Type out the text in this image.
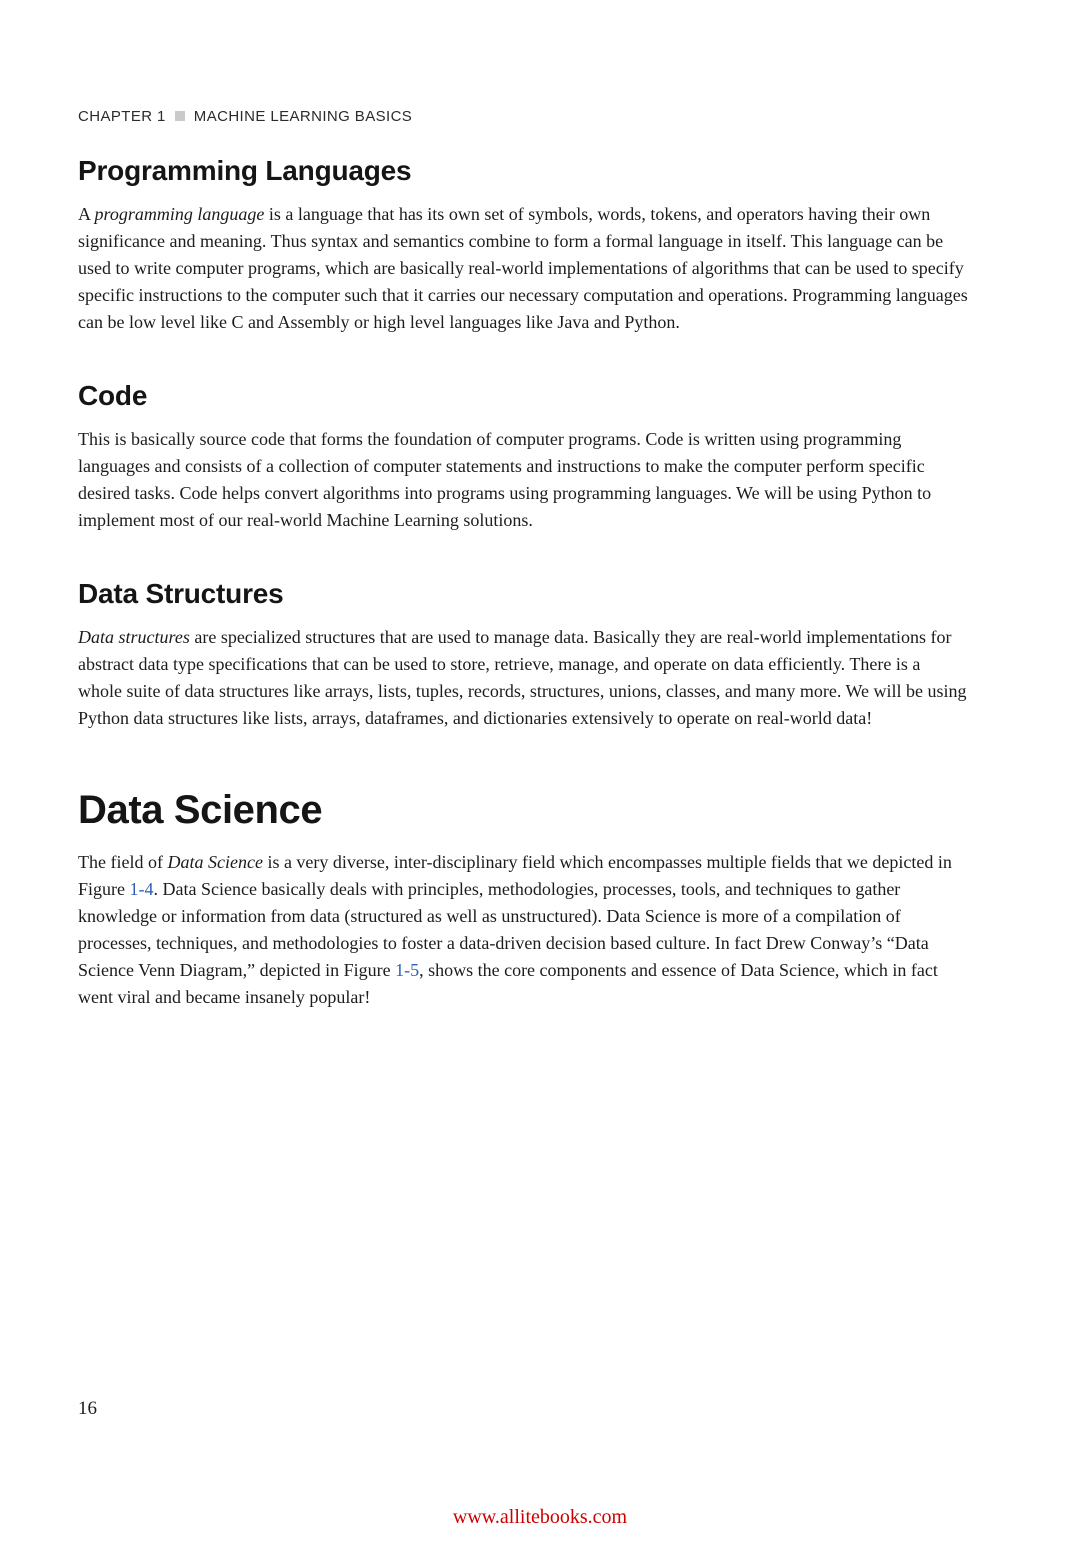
CHAPTER 1 MACHINE LEARNING BASICS
Programming Languages

A programming language is a language that has its own set of symbols, words, tokens, and operators having their own significance and meaning. Thus syntax and semantics combine to form a formal language in itself. This language can be used to write computer programs, which are basically real-world implementations of algorithms that can be used to specify specific instructions to the computer such that it carries our necessary computation and operations. Programming languages can be low level like C and Assembly or high level languages like Java and Python.

Code

This is basically source code that forms the foundation of computer programs. Code is written using programming languages and consists of a collection of computer statements and instructions to make the computer perform specific desired tasks. Code helps convert algorithms into programs using programming languages. We will be using Python to implement most of our real-world Machine Learning solutions.

Data Structures

Data structures are specialized structures that are used to manage data. Basically they are real-world implementations for abstract data type specifications that can be used to store, retrieve, manage, and operate on data efficiently. There is a whole suite of data structures like arrays, lists, tuples, records, structures, unions, classes, and many more. We will be using Python data structures like lists, arrays, dataframes, and dictionaries extensively to operate on real-world data!

Data Science

The field of Data Science is a very diverse, inter-disciplinary field which encompasses multiple fields that we depicted in Figure 1-4. Data Science basically deals with principles, methodologies, processes, tools, and techniques to gather knowledge or information from data (structured as well as unstructured). Data Science is more of a compilation of processes, techniques, and methodologies to foster a data-driven decision based culture. In fact Drew Conway’s “Data Science Venn Diagram,” depicted in Figure 1-5, shows the core components and essence of Data Science, which in fact went viral and became insanely popular!

16
www.allitebooks.com
